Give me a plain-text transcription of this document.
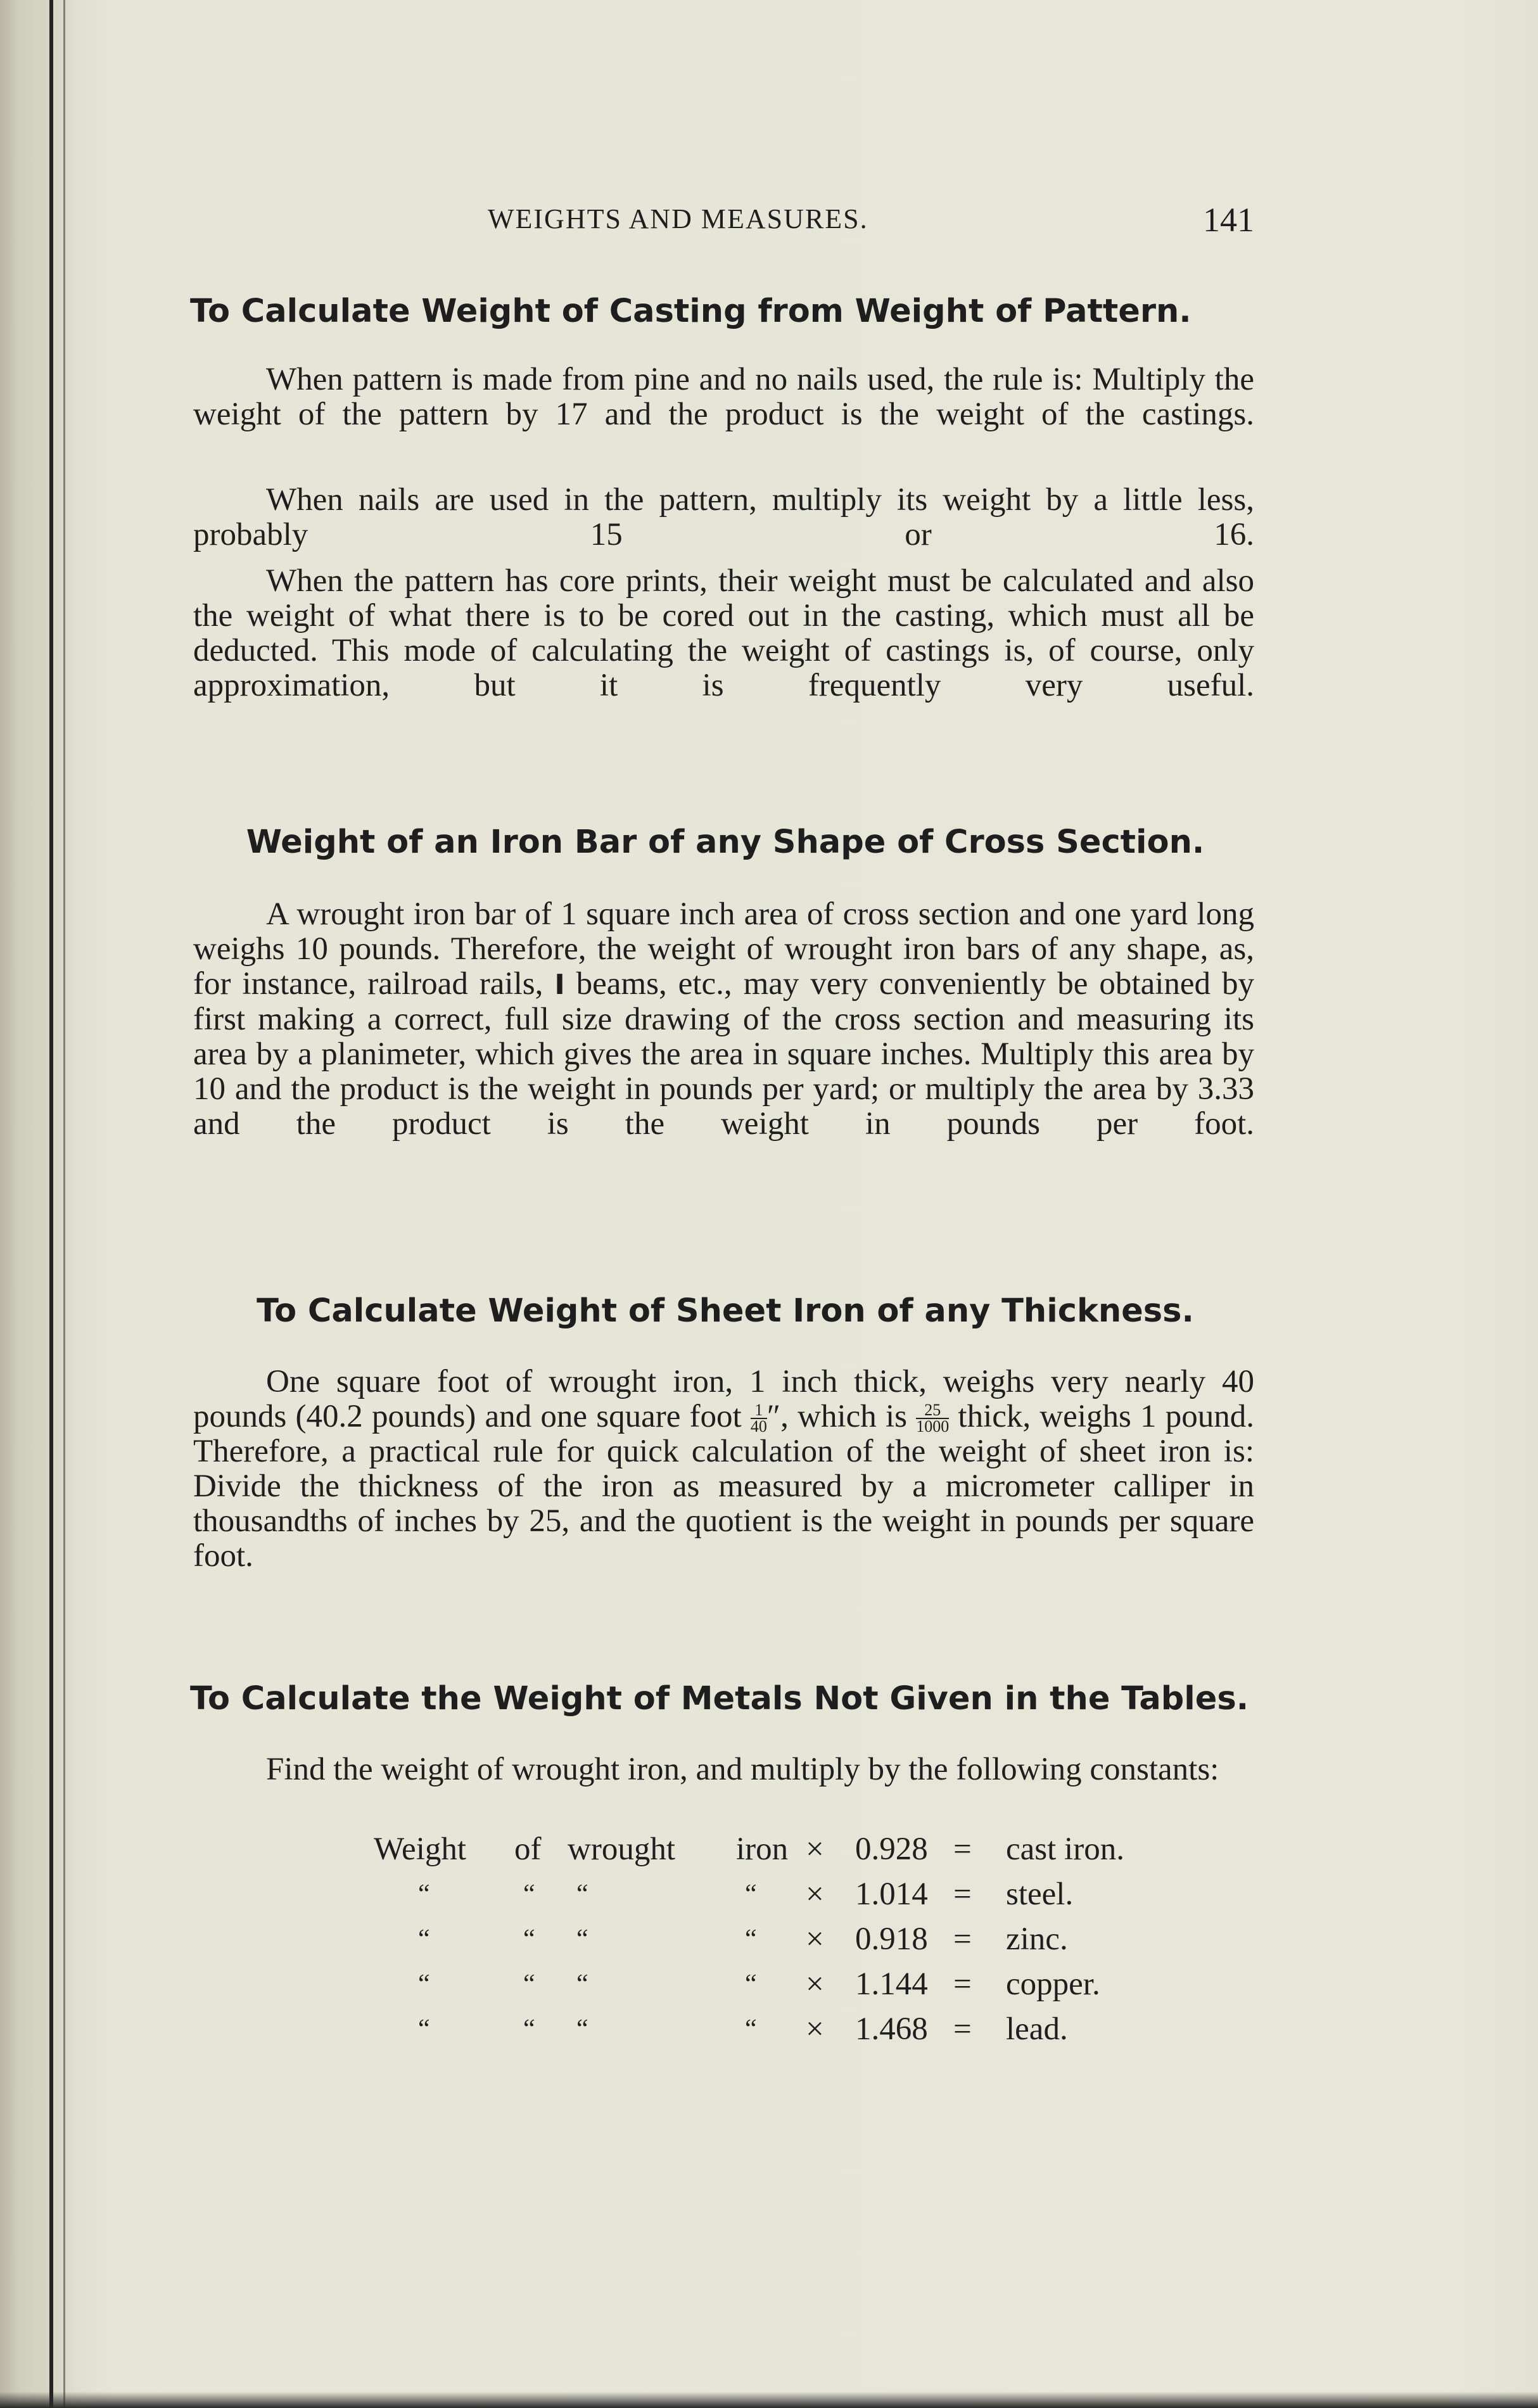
WEIGHTS AND MEASURES.	141
To Calculate Weight of Casting from Weight of Pattern.

When pattern is made from pine and no nails used, the rule is: Multiply the weight of the pattern by 17 and the product is the weight of the castings.

When nails are used in the pattern, multiply its weight by a little less, probably 15 or 16.

When the pattern has core prints, their weight must be calculated and also the weight of what there is to be cored out in the casting, which must all be deducted. This mode of calculating the weight of castings is, of course, only approximation, but it is frequently very useful.

Weight of an Iron Bar of any Shape of Cross Section.

A wrought iron bar of 1 square inch area of cross section and one yard long weighs 10 pounds. Therefore, the weight of wrought iron bars of any shape, as, for instance, railroad rails, I beams, etc., may very conveniently be obtained by first making a correct, full size drawing of the cross section and measuring its area by a planimeter, which gives the area in square inches. Multiply this area by 10 and the product is the weight in pounds per yard; or multiply the area by 3.33 and the product is the weight in pounds per foot.

To Calculate Weight of Sheet Iron of any Thickness.

One square foot of wrought iron, 1 inch thick, weighs very nearly 40 pounds (40.2 pounds) and one square foot $\frac{1}{40}$ ″, which is $\frac{25}{1000}$ thick, weighs 1 pound. Therefore, a practical rule for quick calculation of the weight of sheet iron is: Divide the thickness of the iron as measured by a micrometer calliper in thousandths of inches by 25, and the quotient is the weight in pounds per square foot.

To Calculate the Weight of Metals Not Given in the Tables.

Find the weight of wrought iron, and multiply by the following constants:

Weight of wrought iron × 0.928 = cast iron.
“	“	“	“ × 1.014 = steel.
“	“	“	“ × 0.918 = zinc.
“	“	“	“ × 1.144 = copper.
“	“	“	“ × 1.468 = lead.
